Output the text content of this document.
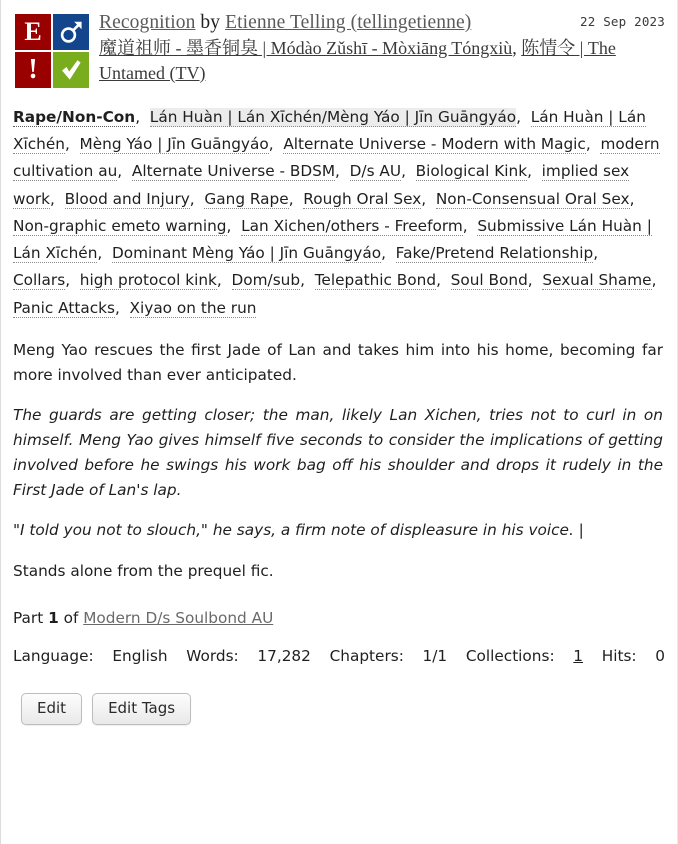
E
!
22 Sep 2023
Recognition by Etienne Telling (tellingetienne)
魔道祖师 - 墨香铜臭 | Módào Zǔshī - Mòxiāng Tóngxiù, 陈情令 | The Untamed (TV)
Rape/Non-Con,  Lán Huàn | Lán Xīchén/Mèng Yáo | Jīn Guāngyáo,  Lán Huàn | Lán Xīchén,  Mèng Yáo | Jīn Guāngyáo,  Alternate Universe - Modern with Magic,  modern cultivation au,  Alternate Universe - BDSM,  D/s AU,  Biological Kink,  implied sex work,  Blood and Injury,  Gang Rape,  Rough Oral Sex,  Non-Consensual Oral Sex,  Non-graphic emeto warning,  Lan Xichen/others - Freeform,  Submissive Lán Huàn | Lán Xīchén,  Dominant Mèng Yáo | Jīn Guāngyáo,  Fake/Pretend Relationship,  Collars,  high protocol kink,  Dom/sub,  Telepathic Bond,  Soul Bond,  Sexual Shame,  Panic Attacks,  Xiyao on the run

Meng Yao rescues the first Jade of Lan and takes him into his home, becoming far more involved than ever anticipated.

The guards are getting closer; the man, likely Lan Xichen, tries not to curl in on himself. Meng Yao gives himself five seconds to consider the implications of getting involved before he swings his work bag off his shoulder and drops it rudely in the First Jade of Lan's lap.

"I told you not to slouch," he says, a firm note of displeasure in his voice. |

Stands alone from the prequel fic.

Part 1 of Modern D/s Soulbond AU
Language: English Words: 17,282 Chapters: 1/1 Collections: 1 Hits: 0
Edit	Edit Tags
